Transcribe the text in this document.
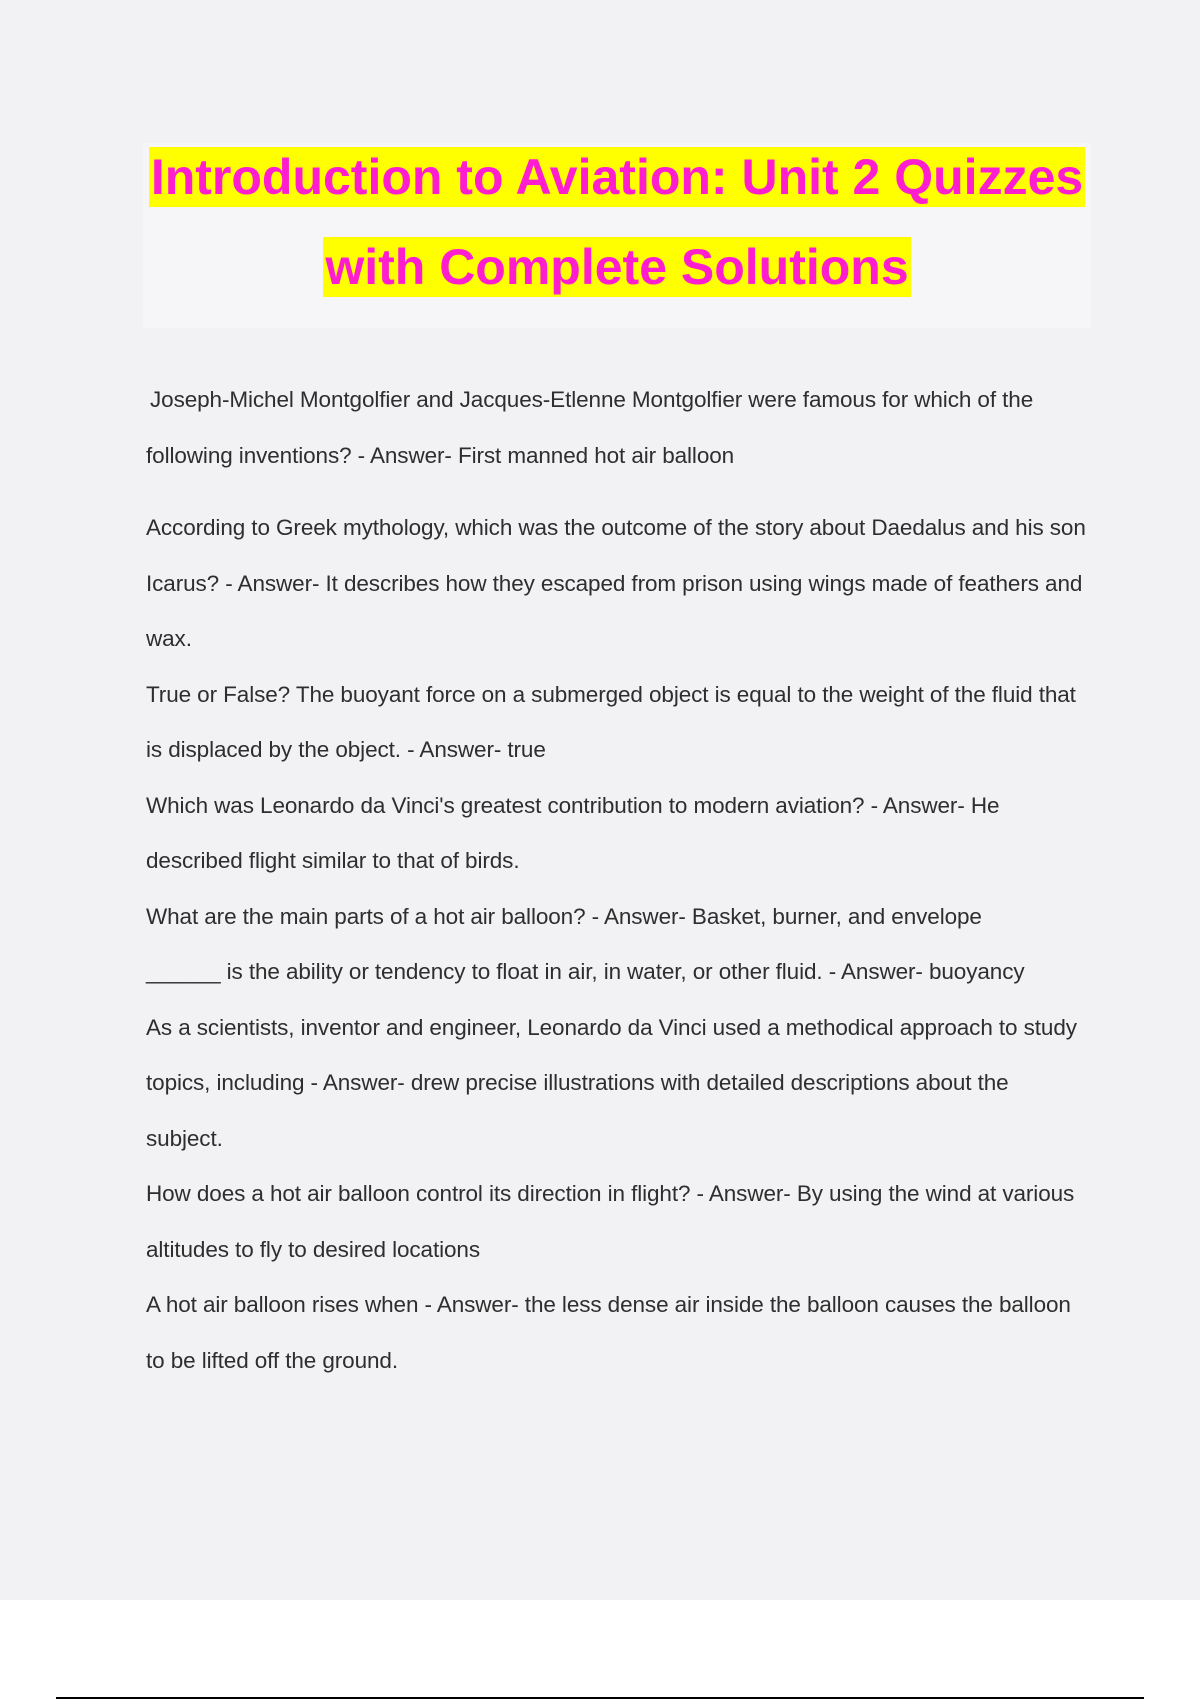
Introduction to Aviation: Unit 2 Quizzes
with Complete Solutions

Joseph-Michel Montgolfier and Jacques-Etlenne Montgolfier were famous for which of the following inventions? - Answer- First manned hot air balloon

According to Greek mythology, which was the outcome of the story about Daedalus and his son Icarus? - Answer- It describes how they escaped from prison using wings made of feathers and wax.

True or False? The buoyant force on a submerged object is equal to the weight of the fluid that is displaced by the object. - Answer- true

Which was Leonardo da Vinci's greatest contribution to modern aviation? - Answer- He described flight similar to that of birds.

What are the main parts of a hot air balloon? - Answer- Basket, burner, and envelope

______ is the ability or tendency to float in air, in water, or other fluid. - Answer- buoyancy

As a scientists, inventor and engineer, Leonardo da Vinci used a methodical approach to study topics, including - Answer- drew precise illustrations with detailed descriptions about the subject.

How does a hot air balloon control its direction in flight? - Answer- By using the wind at various altitudes to fly to desired locations

A hot air balloon rises when - Answer- the less dense air inside the balloon causes the balloon to be lifted off the ground.
